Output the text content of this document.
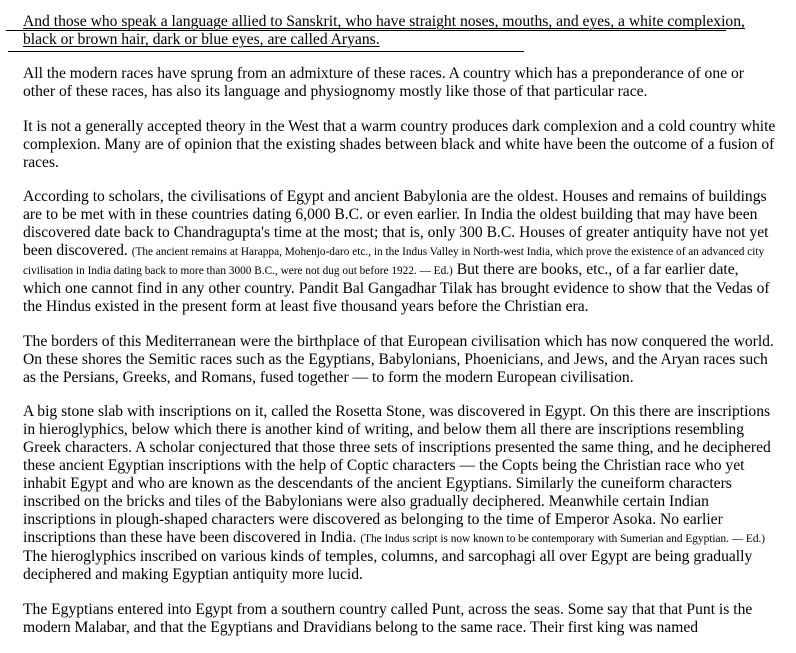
And those who speak a language allied to Sanskrit, who have straight noses, mouths, and eyes, a white complexion, black or brown hair, dark or blue eyes, are called Aryans.

All the modern races have sprung from an admixture of these races. A country which has a preponderance of one or other of these races, has also its language and physiognomy mostly like those of that particular race.

It is not a generally accepted theory in the West that a warm country produces dark complexion and a cold country white complexion. Many are of opinion that the existing shades between black and white have been the outcome of a fusion of races.

According to scholars, the civilisations of Egypt and ancient Babylonia are the oldest. Houses and remains of buildings are to be met with in these countries dating 6,000 B.C. or even earlier. In India the oldest building that may have been discovered date back to Chandragupta's time at the most; that is, only 300 B.C. Houses of greater antiquity have not yet been discovered. (The ancient remains at Harappa, Mohenjo-daro etc., in the Indus Valley in North-west India, which prove the existence of an advanced city civilisation in India dating back to more than 3000 B.C., were not dug out before 1922. — Ed.) But there are books, etc., of a far earlier date, which one cannot find in any other country. Pandit Bal Gangadhar Tilak has brought evidence to show that the Vedas of the Hindus existed in the present form at least five thousand years before the Christian era.

The borders of this Mediterranean were the birthplace of that European civilisation which has now conquered the world. On these shores the Semitic races such as the Egyptians, Babylonians, Phoenicians, and Jews, and the Aryan races such as the Persians, Greeks, and Romans, fused together — to form the modern European civilisation.

A big stone slab with inscriptions on it, called the Rosetta Stone, was discovered in Egypt. On this there are inscriptions in hieroglyphics, below which there is another kind of writing, and below them all there are inscriptions resembling Greek characters. A scholar conjectured that those three sets of inscriptions presented the same thing, and he deciphered these ancient Egyptian inscriptions with the help of Coptic characters — the Copts being the Christian race who yet inhabit Egypt and who are known as the descendants of the ancient Egyptians. Similarly the cuneiform characters inscribed on the bricks and tiles of the Babylonians were also gradually deciphered. Meanwhile certain Indian inscriptions in plough-shaped characters were discovered as belonging to the time of Emperor Asoka. No earlier inscriptions than these have been discovered in India. (The Indus script is now known to be contemporary with Sumerian and Egyptian. — Ed.) The hieroglyphics inscribed on various kinds of temples, columns, and sarcophagi all over Egypt are being gradually deciphered and making Egyptian antiquity more lucid.

The Egyptians entered into Egypt from a southern country called Punt, across the seas. Some say that that Punt is the modern Malabar, and that the Egyptians and Dravidians belong to the same race. Their first king was named
